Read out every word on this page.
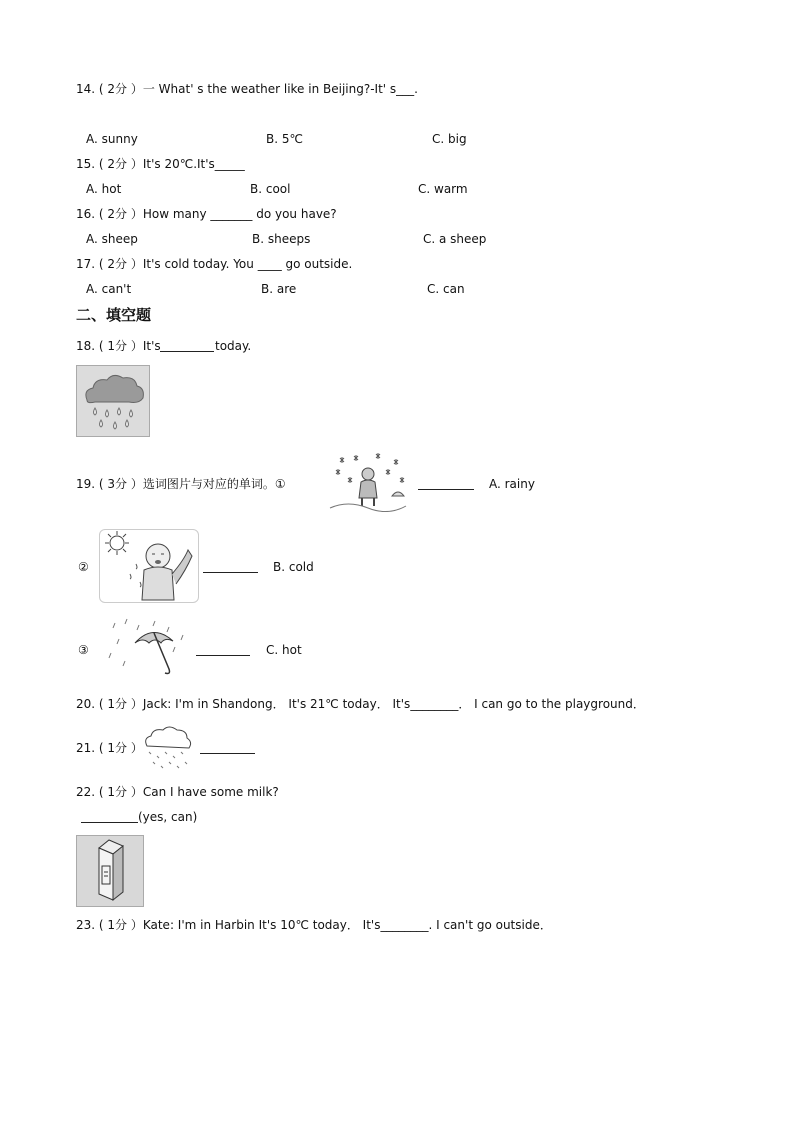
14. ( 2分 ）一 What' s the weather like in Beijing?-It' s___.
A. sunny	B. 5℃	C. big
15. ( 2分 ）It's 20℃.It's_____
A. hot	B. cool	C. warm
16. ( 2分 ）How many _______ do you have?
A. sheep	B. sheeps	C. a sheep
17. ( 2分 ）It's cold today. You ____ go outside.
A. can't	B. are	C. can
二、填空题
18. ( 1分 ）It's	today.
19. ( 3分 ）选词图片与对应的单词。①	A. rainy
②	B. cold
③	C. hot
20. ( 1分 ）Jack: I'm in Shandong． It's 21℃ today． It's________． I can go to the playground．
21. ( 1分 ）
22. ( 1分 ）Can I have some milk?
(yes, can)
23. ( 1分 ）Kate: I'm in Harbin It's 10℃ today． It's________. I can't go outside．
